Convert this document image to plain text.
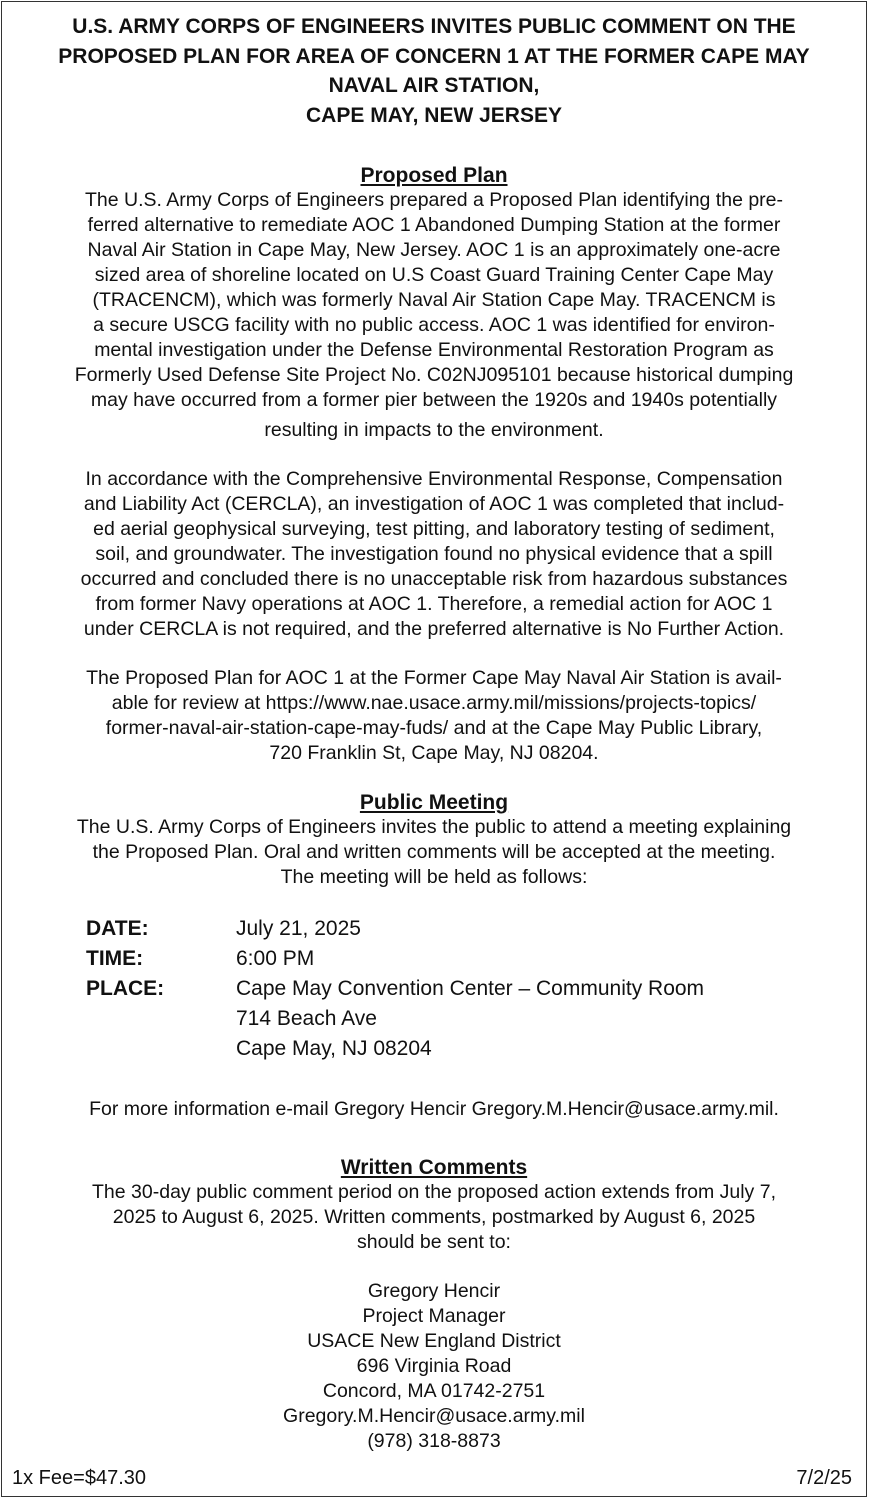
U.S. ARMY CORPS OF ENGINEERS INVITES PUBLIC COMMENT ON THE
PROPOSED PLAN FOR AREA OF CONCERN 1 AT THE FORMER CAPE MAY
NAVAL AIR STATION,
CAPE MAY, NEW JERSEY
Proposed Plan
The U.S. Army Corps of Engineers prepared a Proposed Plan identifying the pre-
ferred alternative to remediate AOC 1 Abandoned Dumping Station at the former
Naval Air Station in Cape May, New Jersey. AOC 1 is an approximately one-acre
sized area of shoreline located on U.S Coast Guard Training Center Cape May
(TRACENCM), which was formerly Naval Air Station Cape May. TRACENCM is
a secure USCG facility with no public access. AOC 1 was identified for environ-
mental investigation under the Defense Environmental Restoration Program as
Formerly Used Defense Site Project No. C02NJ095101 because historical dumping
may have occurred from a former pier between the 1920s and 1940s potentially
resulting in impacts to the environment.
In accordance with the Comprehensive Environmental Response, Compensation
and Liability Act (CERCLA), an investigation of AOC 1 was completed that includ-
ed aerial geophysical surveying, test pitting, and laboratory testing of sediment,
soil, and groundwater. The investigation found no physical evidence that a spill
occurred and concluded there is no unacceptable risk from hazardous substances
from former Navy operations at AOC 1. Therefore, a remedial action for AOC 1
under CERCLA is not required, and the preferred alternative is No Further Action.
The Proposed Plan for AOC 1 at the Former Cape May Naval Air Station is avail-
able for review at https://www.nae.usace.army.mil/missions/projects-topics/
former-naval-air-station-cape-may-fuds/ and at the Cape May Public Library,
720 Franklin St, Cape May, NJ 08204.
Public Meeting
The U.S. Army Corps of Engineers invites the public to attend a meeting explaining
the Proposed Plan. Oral and written comments will be accepted at the meeting.
The meeting will be held as follows:
DATE:	July 21, 2025
TIME:	6:00 PM
PLACE:	Cape May Convention Center – Community Room
714 Beach Ave
Cape May, NJ 08204
For more information e-mail Gregory Hencir Gregory.M.Hencir@usace.army.mil.
Written Comments
The 30-day public comment period on the proposed action extends from July 7,
2025 to August 6, 2025. Written comments, postmarked by August 6, 2025
should be sent to:
Gregory Hencir
Project Manager
USACE New England District
696 Virginia Road
Concord, MA 01742-2751
Gregory.M.Hencir@usace.army.mil
(978) 318-8873
1x Fee=$47.30	7/2/25
